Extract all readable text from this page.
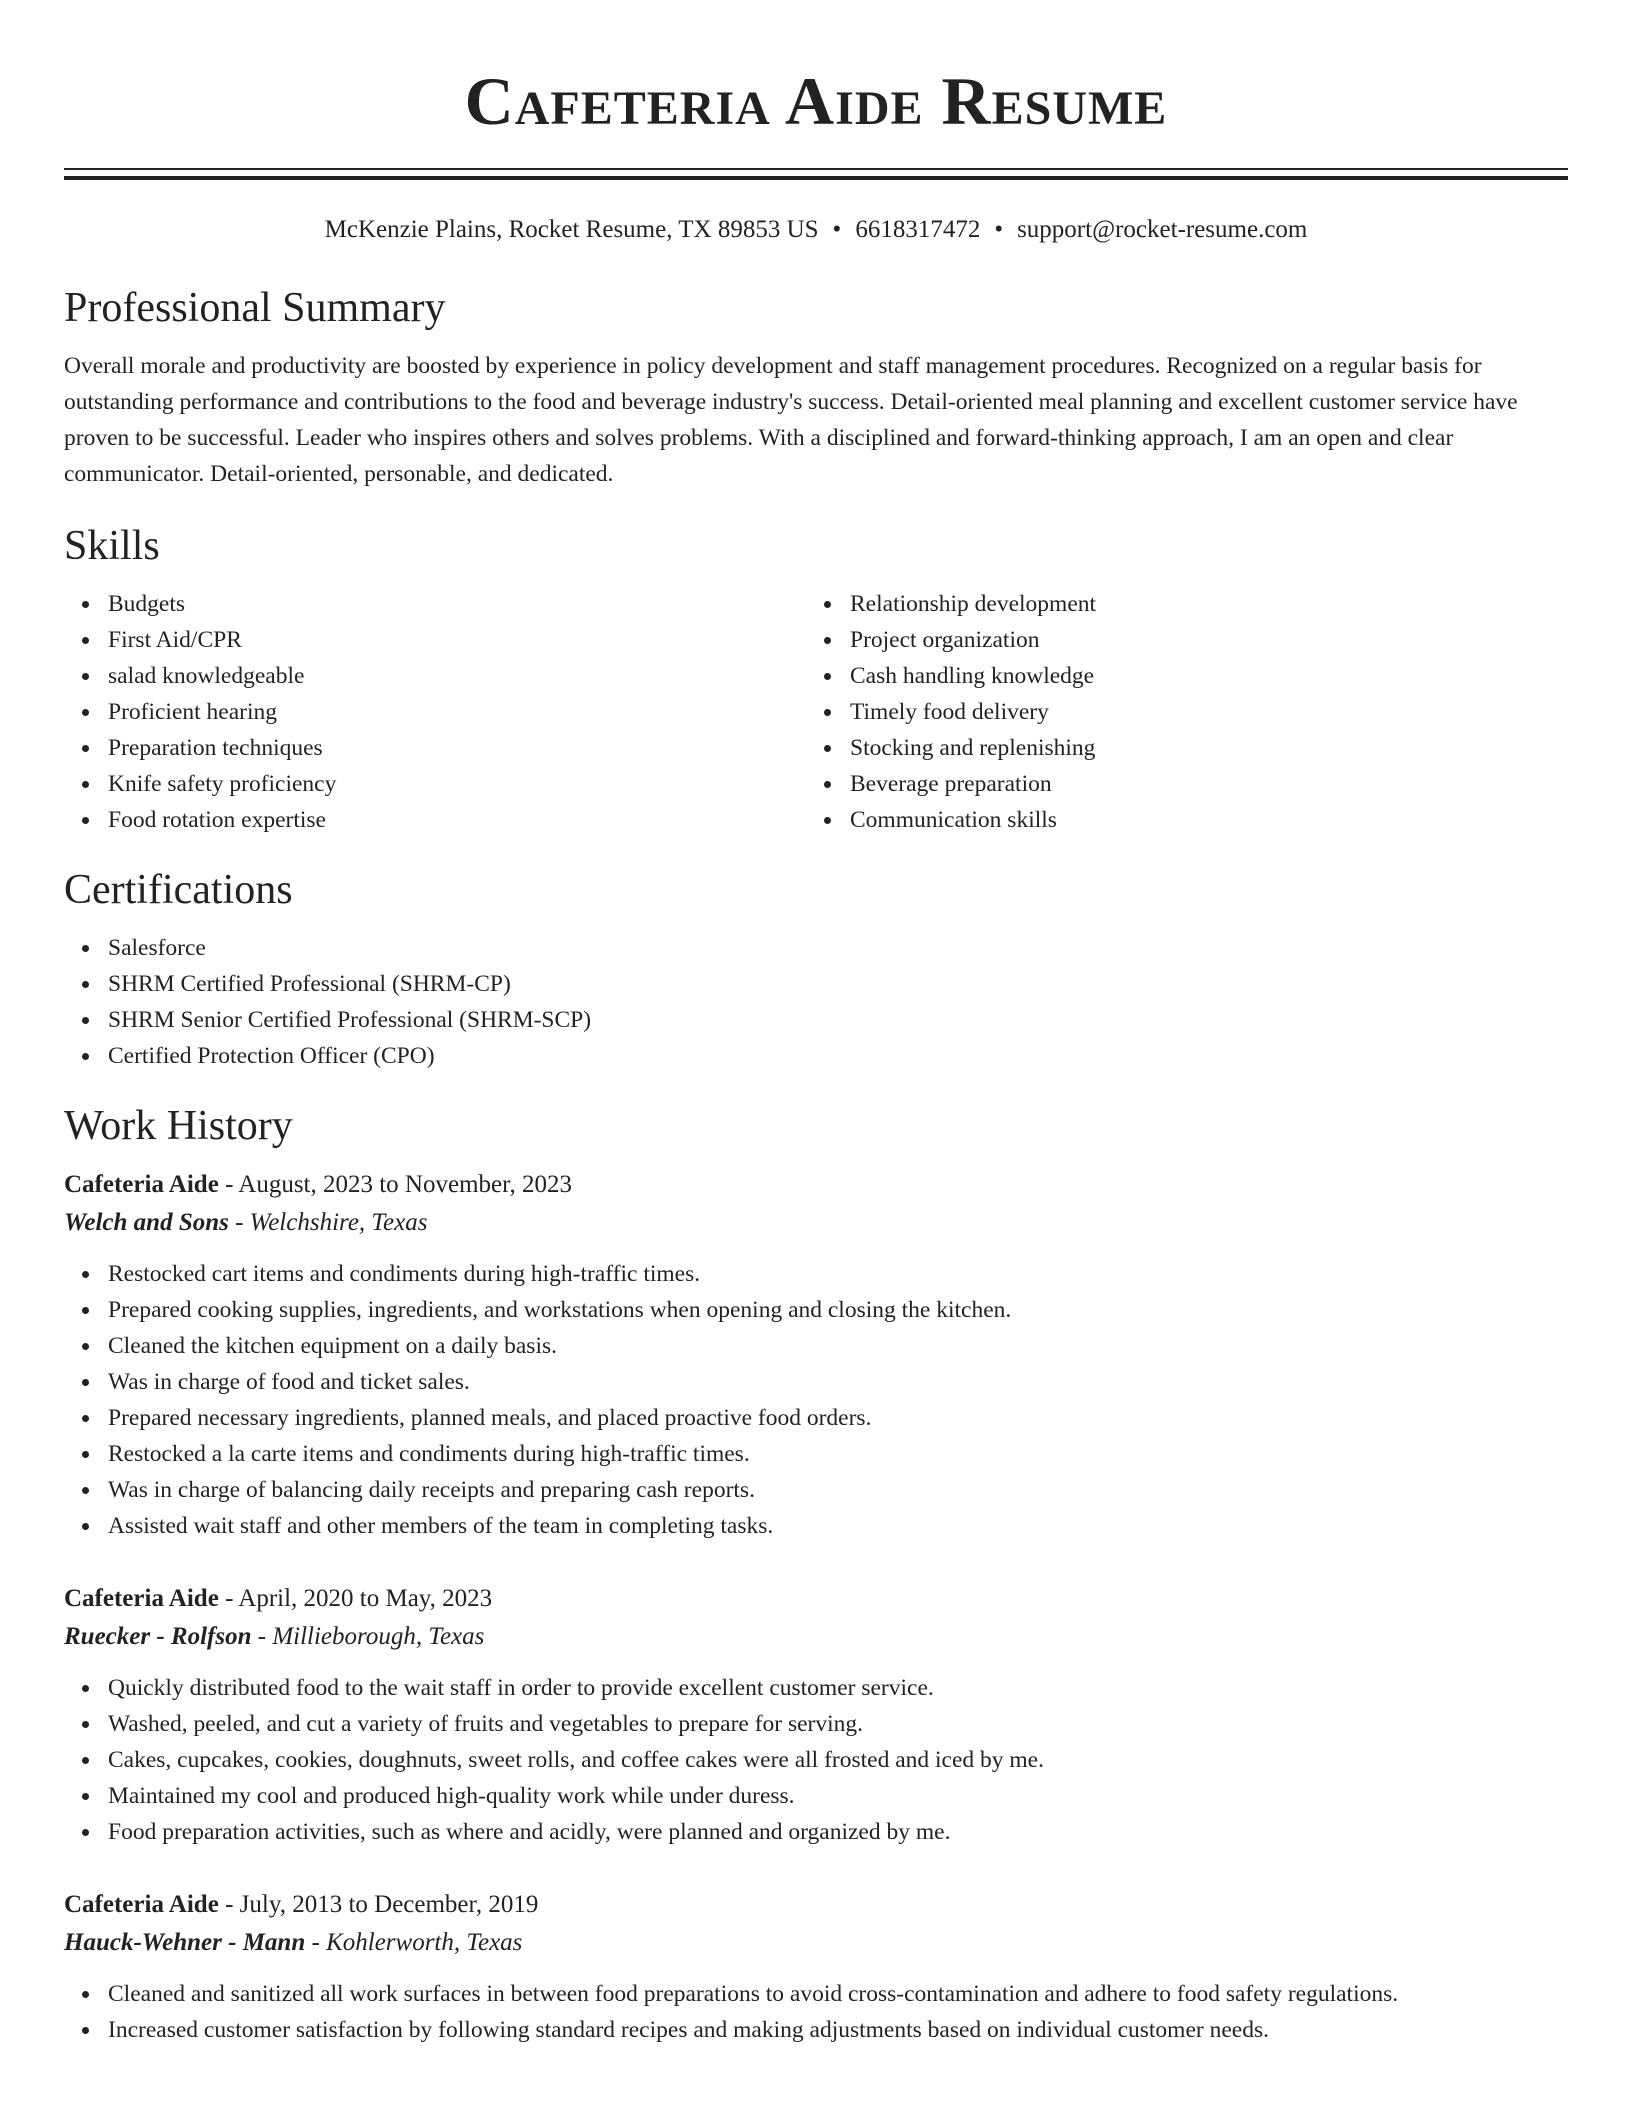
Cafeteria Aide Resume
McKenzie Plains, Rocket Resume, TX 89853 US • 6618317472 • support@rocket-resume.com
Professional Summary

Overall morale and productivity are boosted by experience in policy development and staff management procedures. Recognized on a regular basis for outstanding performance and contributions to the food and beverage industry's success. Detail-oriented meal planning and excellent customer service have proven to be successful. Leader who inspires others and solves problems. With a disciplined and forward-thinking approach, I am an open and clear communicator. Detail-oriented, personable, and dedicated.

Skills
Budgets
First Aid/CPR
salad knowledgeable
Proficient hearing
Preparation techniques
Knife safety proficiency
Food rotation expertise
Relationship development
Project organization
Cash handling knowledge
Timely food delivery
Stocking and replenishing
Beverage preparation
Communication skills
Certifications
Salesforce
SHRM Certified Professional (SHRM-CP)
SHRM Senior Certified Professional (SHRM-SCP)
Certified Protection Officer (CPO)
Work History
Cafeteria Aide - August, 2023 to November, 2023
Welch and Sons - Welchshire, Texas
Restocked cart items and condiments during high-traffic times.
Prepared cooking supplies, ingredients, and workstations when opening and closing the kitchen.
Cleaned the kitchen equipment on a daily basis.
Was in charge of food and ticket sales.
Prepared necessary ingredients, planned meals, and placed proactive food orders.
Restocked a la carte items and condiments during high-traffic times.
Was in charge of balancing daily receipts and preparing cash reports.
Assisted wait staff and other members of the team in completing tasks.
Cafeteria Aide - April, 2020 to May, 2023
Ruecker - Rolfson - Millieborough, Texas
Quickly distributed food to the wait staff in order to provide excellent customer service.
Washed, peeled, and cut a variety of fruits and vegetables to prepare for serving.
Cakes, cupcakes, cookies, doughnuts, sweet rolls, and coffee cakes were all frosted and iced by me.
Maintained my cool and produced high-quality work while under duress.
Food preparation activities, such as where and acidly, were planned and organized by me.
Cafeteria Aide - July, 2013 to December, 2019
Hauck-Wehner - Mann - Kohlerworth, Texas
Cleaned and sanitized all work surfaces in between food preparations to avoid cross-contamination and adhere to food safety regulations.
Increased customer satisfaction by following standard recipes and making adjustments based on individual customer needs.
